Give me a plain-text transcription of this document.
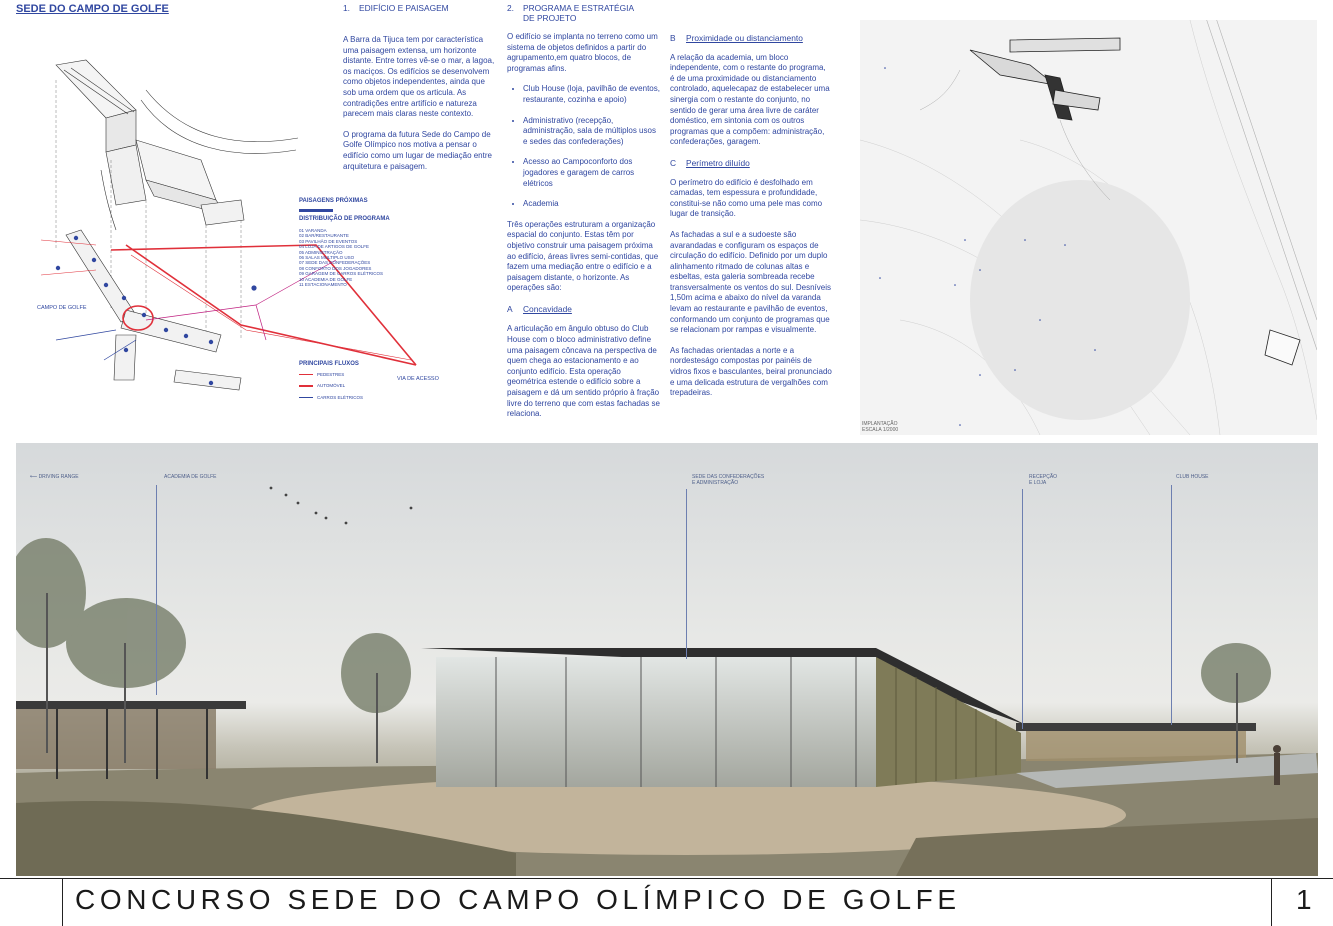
SEDE DO CAMPO DE GOLFE
CAMPO DE GOLFE
VIA DE ACESSO
PAISAGENS PRÓXIMAS
DISTRIBUIÇÃO DE PROGRAMA
01 VARANDA
02 BAR/RESTAURANTE
03 PAVILHÃO DE EVENTOS
04 LOJA DE ARTIGOS DE GOLFE
05 ADMINISTRAÇÃO
06 SALAS MULTIPLO USO
07 SEDE DAS CONFEDERAÇÕES
08 CONFORTO DOS JOGADORES
09 GARAGEM DE CARROS ELÉTRICOS
10 ACADEMIA DE GOLFE
11 ESTACIONAMENTO
PRINCIPAIS FLUXOS
PEDESTRES
AUTOMÓVEL
CARROS ELÉTRICOS
1.	EDIFÍCIO E PAISAGEM

A Barra da Tijuca tem por característica uma paisagem extensa, um horizonte distante. Entre torres vê-se o mar, a lagoa, os maciços. Os edifícios se desenvolvem como objetos independentes, ainda que sob uma ordem que os articula. As contradições entre artifício e natureza parecem mais claras neste contexto.

O programa da futura Sede do Campo de Golfe Olímpico nos motiva a pensar o edifício como um lugar de mediação entre arquitetura e paisagem.

2.	PROGRAMA E ESTRATÉGIA DE PROJETO

O edifício se implanta no terreno como um sistema de objetos definidos a partir do agrupamento,em quatro blocos, de programas afins.

• Club House (loja, pavilhão de eventos, restaurante, cozinha e apoio)
• Administrativo (recepção, administração, sala de múltiplos usos e sedes das confederações)
• Acesso ao Campoconforto dos jogadores e garagem de carros elétricos
• Academia

Três operações estruturam a organização espacial do conjunto. Estas têm por objetivo construir uma paisagem próxima ao edifício, áreas livres semi-contidas, que fazem uma mediação entre o edifício e a paisagem distante, o horizonte. As operações são:

A	Concavidade

A articulação em ângulo obtuso do Club House com o bloco administrativo define uma paisagem côncava na perspectiva de quem chega ao estacionamento e ao conjunto edifício. Esta operação geométrica estende o edifício sobre a paisagem e dá um sentido próprio à fração livre do terreno que com estas fachadas se relaciona.

B	Proximidade ou distanciamento

A relação da academia, um bloco independente, com o restante do programa, é de uma proximidade ou distanciamento controlado, aquelecapaz de estabelecer uma sinergia com o restante do conjunto, no sentido de gerar uma área livre de caráter doméstico, em sintonia com os outros programas que a compõem: administração, confederações, garagem.

C	Perímetro diluído

O perímetro do edifício é desfolhado em camadas, tem espessura e profundidade, constitui-se não como uma pele mas como lugar de transição.

As fachadas a sul e a sudoeste são avarandadas e configuram os espaços de circulação do edifício. Definido por um duplo alinhamento ritmado de colunas altas e esbeltas, esta galeria sombreada recebe transversalmente os ventos do sul. Desníveis 1,50m acima e abaixo do nível da varanda levam ao restaurante e pavilhão de eventos, conformando um conjunto de programas que se relacionam por rampas e visualmente.

As fachadas orientadas a norte e a nordesteságo compostas por painéis de vidros fixos e basculantes, beiral pronunciado e uma delicada estrutura de vergalhões com trepadeiras.

IMPLANTAÇÃO
ESCALA 1/2000
⟵ DRIVING RANGE	ACADEMIA DE GOLFE	SEDE DAS CONFEDERAÇÕES
E ADMINISTRAÇÃO
RECEPÇÃO
E LOJA
CLUB HOUSE
CONCURSO SEDE DO CAMPO OLÍMPICO DE GOLFE	1
